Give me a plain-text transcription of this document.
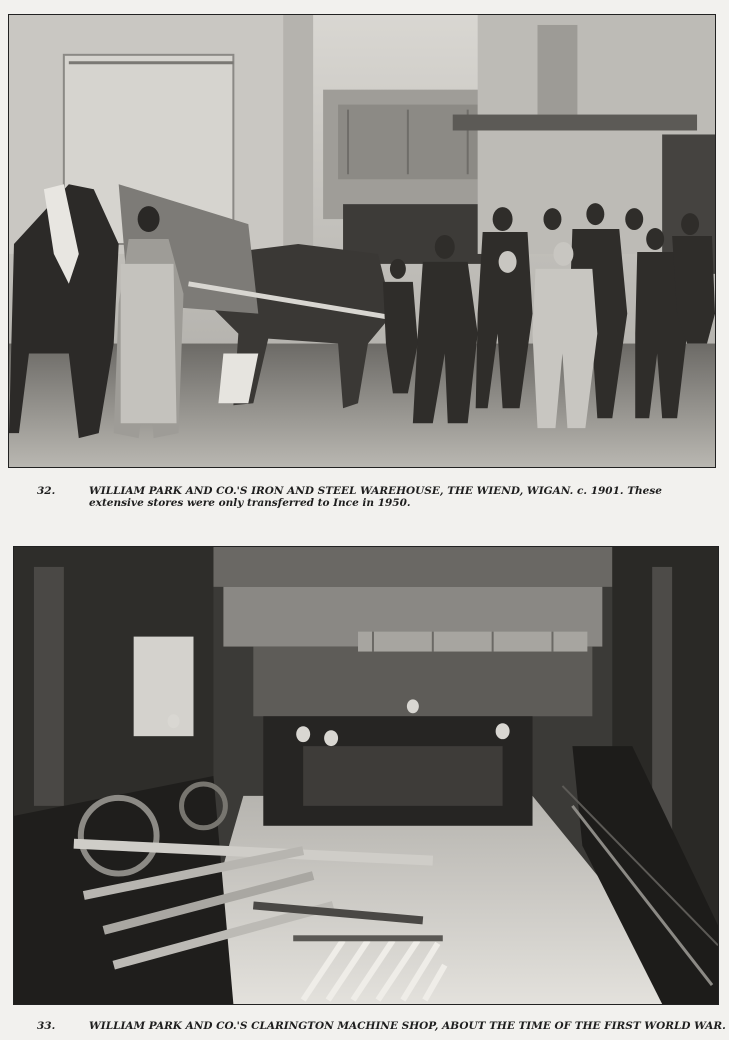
32.	WILLIAM PARK AND CO.'S IRON AND STEEL WAREHOUSE, THE WIEND, WIGAN. c. 1901. These extensive stores were only transferred to Ince in 1950.
33.	WILLIAM PARK AND CO.'S CLARINGTON MACHINE SHOP, ABOUT THE TIME OF THE FIRST WORLD WAR.
